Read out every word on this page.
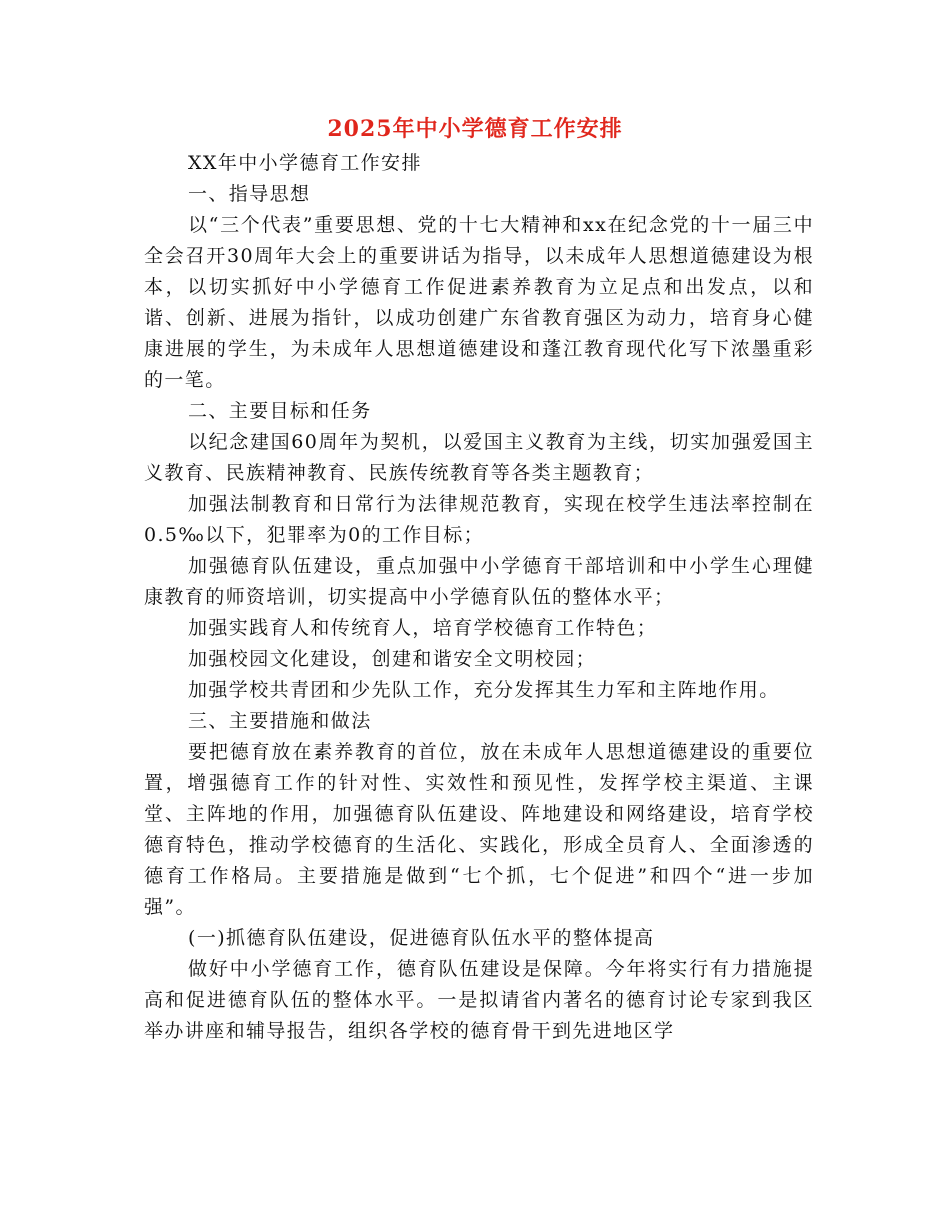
2025年中小学德育工作安排

XX年中小学德育工作安排

一、指导思想

以“三个代表”重要思想、党的十七大精神和xx在纪念党的十一届三中全会召开30周年大会上的重要讲话为指导，以未成年人思想道德建设为根本，以切实抓好中小学德育工作促进素养教育为立足点和出发点，以和谐、创新、进展为指针，以成功创建广东省教育强区为动力，培育身心健康进展的学生，为未成年人思想道德建设和蓬江教育现代化写下浓墨重彩的一笔。

二、主要目标和任务

以纪念建国60周年为契机，以爱国主义教育为主线，切实加强爱国主义教育、民族精神教育、民族传统教育等各类主题教育；

加强法制教育和日常行为法律规范教育，实现在校学生违法率控制在0.5‰以下，犯罪率为0的工作目标；

加强德育队伍建设，重点加强中小学德育干部培训和中小学生心理健康教育的师资培训，切实提高中小学德育队伍的整体水平；

加强实践育人和传统育人，培育学校德育工作特色；

加强校园文化建设，创建和谐安全文明校园；

加强学校共青团和少先队工作，充分发挥其生力军和主阵地作用。

三、主要措施和做法

要把德育放在素养教育的首位，放在未成年人思想道德建设的重要位置，增强德育工作的针对性、实效性和预见性，发挥学校主渠道、主课堂、主阵地的作用，加强德育队伍建设、阵地建设和网络建设，培育学校德育特色，推动学校德育的生活化、实践化，形成全员育人、全面渗透的德育工作格局。主要措施是做到“七个抓，七个促进”和四个“进一步加强”。

(一)抓德育队伍建设，促进德育队伍水平的整体提高

做好中小学德育工作，德育队伍建设是保障。今年将实行有力措施提高和促进德育队伍的整体水平。一是拟请省内著名的德育讨论专家到我区举办讲座和辅导报告，组织各学校的德育骨干到先进地区学
